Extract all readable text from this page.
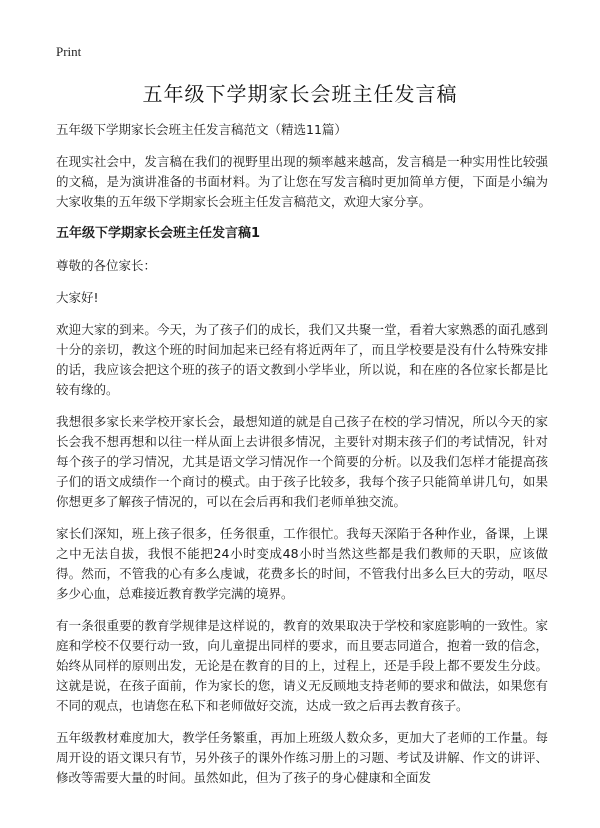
Print
五年级下学期家长会班主任发言稿

五年级下学期家长会班主任发言稿范文（精选11篇）

在现实社会中，发言稿在我们的视野里出现的频率越来越高，发言稿是一种实用性比较强的文稿，是为演讲准备的书面材料。为了让您在写发言稿时更加简单方便，下面是小编为大家收集的五年级下学期家长会班主任发言稿范文，欢迎大家分享。

五年级下学期家长会班主任发言稿1

尊敬的各位家长：

大家好!

欢迎大家的到来。今天，为了孩子们的成长，我们又共聚一堂，看着大家熟悉的面孔感到十分的亲切，教这个班的时间加起来已经有将近两年了，而且学校要是没有什么特殊安排的话，我应该会把这个班的孩子的语文教到小学毕业，所以说，和在座的各位家长都是比较有缘的。

我想很多家长来学校开家长会，最想知道的就是自己孩子在校的学习情况，所以今天的家长会我不想再想和以往一样从面上去讲很多情况，主要针对期末孩子们的考试情况，针对每个孩子的学习情况，尤其是语文学习情况作一个简要的分析。以及我们怎样才能提高孩子们的语文成绩作一个商讨的模式。由于孩子比较多，我每个孩子只能简单讲几句，如果你想更多了解孩子情况的，可以在会后再和我们老师单独交流。

家长们深知，班上孩子很多，任务很重，工作很忙。我每天深陷于各种作业，备课，上课之中无法自拔，我恨不能把24小时变成48小时当然这些都是我们教师的天职，应该做得。然而，不管我的心有多么虔诚，花费多长的时间，不管我付出多么巨大的劳动，呕尽多少心血，总难接近教育教学完满的境界。

有一条很重要的教育学规律是这样说的，教育的效果取决于学校和家庭影响的一致性。家庭和学校不仅要行动一致，向儿童提出同样的要求，而且要志同道合，抱着一致的信念，始终从同样的原则出发，无论是在教育的目的上，过程上，还是手段上都不要发生分歧。这就是说，在孩子面前，作为家长的您，请义无反顾地支持老师的要求和做法，如果您有不同的观点，也请您在私下和老师做好交流，达成一致之后再去教育孩子。

五年级教材难度加大，教学任务繁重，再加上班级人数众多，更加大了老师的工作量。每周开设的语文课只有节，另外孩子的课外作练习册上的习题、考试及讲解、作文的讲评、修改等需要大量的时间。虽然如此，但为了孩子的身心健康和全面发
